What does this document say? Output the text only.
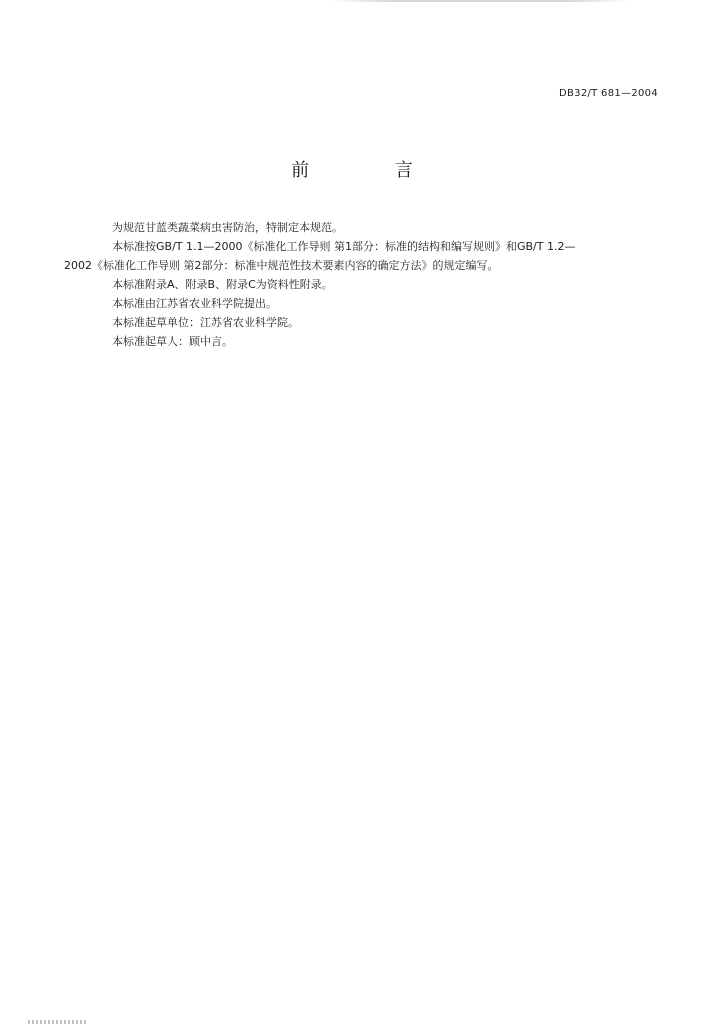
DB32/T 681—2004
前 言

为规范甘蓝类蔬菜病虫害防治，特制定本规范。

本标准按GB/T 1.1—2000《标准化工作导则 第1部分：标准的结构和编写规则》和GB/T 1.2—

2002《标准化工作导则 第2部分：标准中规范性技术要素内容的确定方法》的规定编写。

本标准附录A、附录B、附录C为资料性附录。

本标准由江苏省农业科学院提出。

本标准起草单位：江苏省农业科学院。

本标准起草人：顾中言。
